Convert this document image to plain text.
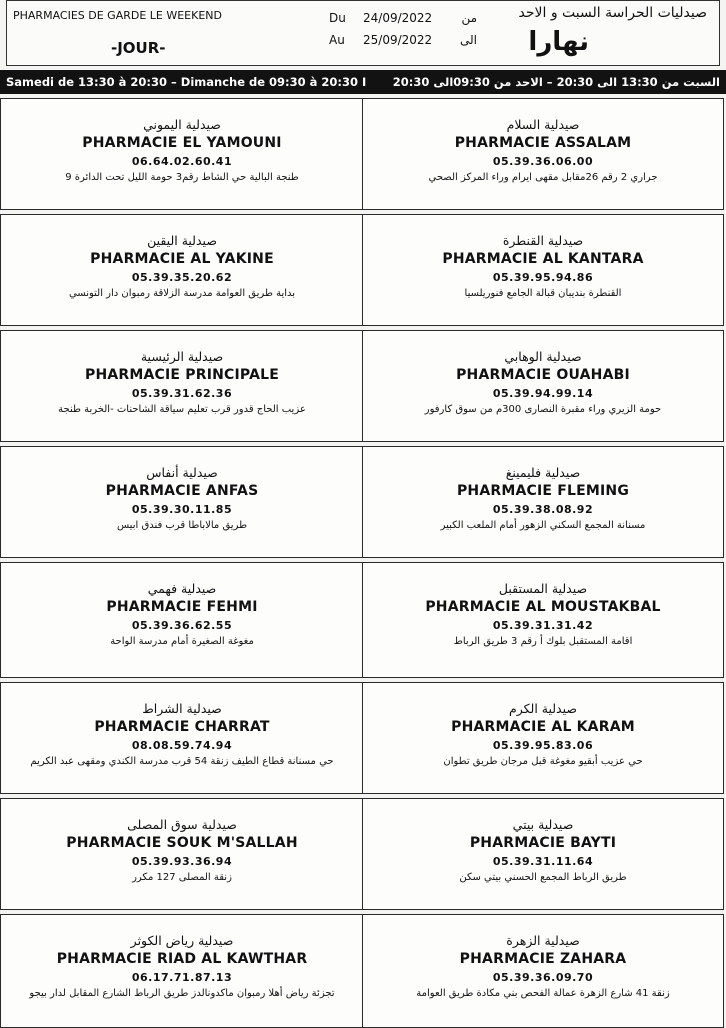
PHARMACIES DE GARDE LE WEEKEND
-JOUR-
Du	24/09/2022	من
Au	25/09/2022	الى
صيدليات الحراسة السبت و الاحد
نهارا
Samedi de 13:30 à 20:30 – Dimanche de 09:30 à 20:30 I السبت من 13:30 الى 20:30 – الاحد من 09:30الى 20:30
صيدلية اليموني
PHARMACIE EL YAMOUNI
06.64.02.60.41
طنجة البالية حي الشاط رقم3 حومة الليل تحت الدائرة 9
صيدلية السلام
PHARMACIE ASSALAM
05.39.36.06.00
جراري 2 رقم 26مقابل مقهى ايرام وراء المركز الصحي
صيدلية اليقين
PHARMACIE AL YAKINE
05.39.35.20.62
بداية طريق العوامة مدرسة الزلاقة رمبوان دار التونسي
صيدلية القنطرة
PHARMACIE AL KANTARA
05.39.95.94.86
القنطرة بنديبان قبالة الجامع فنوريلسيا
صيدلية الرئيسية
PHARMACIE PRINCIPALE
05.39.31.62.36
عزيب الحاج قدور قرب تعليم سياقة الشاحنات -الخربة طنجة
صيدلية الوهابي
PHARMACIE OUAHABI
05.39.94.99.14
حومة الزيري وراء مقبرة النصارى 300م من سوق كارفور
صيدلية أنفاس
PHARMACIE ANFAS
05.39.30.11.85
طريق مالاباطا قرب فندق ابيس
صيدلية فليمينغ
PHARMACIE FLEMING
05.39.38.08.92
مسنانة المجمع السكني الزهور أمام الملعب الكبير
صيدلية فهمي
PHARMACIE FEHMI
05.39.36.62.55
مغوغة الصغيرة أمام مدرسة الواحة
صيدلية المستقبل
PHARMACIE AL MOUSTAKBAL
05.39.31.31.42
اقامة المستقبل بلوك أ رقم 3 طريق الرباط
صيدلية الشراط
PHARMACIE CHARRAT
08.08.59.74.94
حي مسنانة قطاع الطيف زنقة 54 قرب مدرسة الكندي ومقهى عبد الكريم
صيدلية الكرم
PHARMACIE AL KARAM
05.39.95.83.06
حي عزيب أبقيو مغوغة قبل مرجان طريق تطوان
صيدلية سوق المصلى
PHARMACIE SOUK M'SALLAH
05.39.93.36.94
زنقة المصلى 127 مكرر
صيدلية بيتي
PHARMACIE BAYTI
05.39.31.11.64
طريق الرباط المجمع الحسني بيتي سكن
صيدلية رياض الكوثر
PHARMACIE RIAD AL KAWTHAR
06.17.71.87.13
تجزئة رياض أهلا رمبوان ماكدونالدز طريق الرباط الشارع المقابل لدار بيجو
صيدلية الزهرة
PHARMACIE ZAHARA
05.39.36.09.70
زنقة 41 شارع الزهرة عمالة الفحص بني مكادة طريق العوامة
